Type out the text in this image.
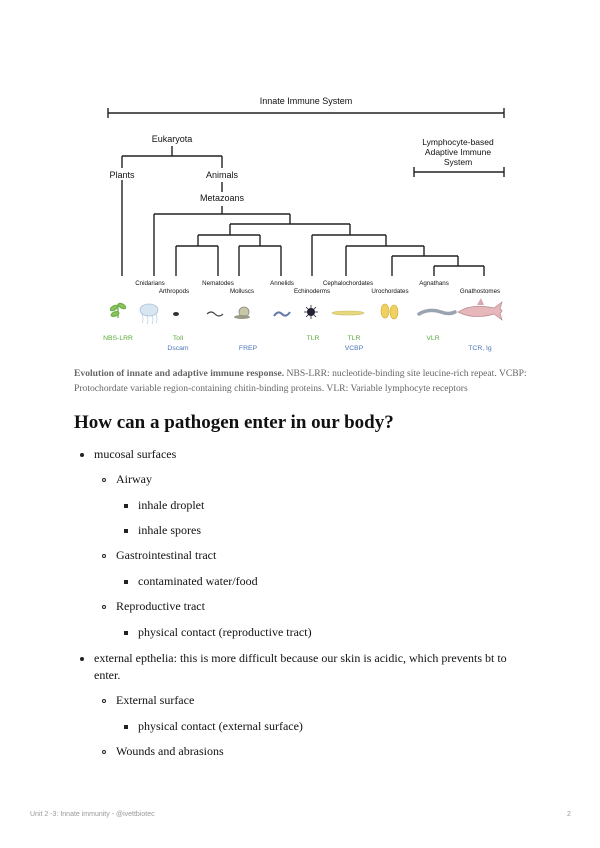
Innate Immune System
Eukaryota
Plants	Animals
Metazoans
Lymphocyte-based
Adaptive Immune
System
Cnidarians
Arthropods
Nematodes
Molluscs
Annelids
Echinoderms
Cephalochordates
Urochordates
Agnathans
Gnathostomes
NBS-LRR	Toll
Dscam	FREP
TLR	TLR
VCBP
VLR
TCR, Ig
Evolution of innate and adaptive immune response. NBS-LRR: nucleotide-binding site leucine-rich repeat. VCBP: Protochordate variable region-containing chitin-binding proteins. VLR: Variable lymphocyte receptors
How can a pathogen enter in our body?
mucosal surfaces
Airway
inhale droplet
inhale spores
Gastrointestinal tract
contaminated water/food
Reproductive tract
physical contact (reproductive tract)
external epthelia: this is more difficult because our skin is acidic, which prevents bt to
enter.
External surface
physical contact (external surface)
Wounds and abrasions
Unit 2 -3: Innate immunity - @ivettbiotec	2
